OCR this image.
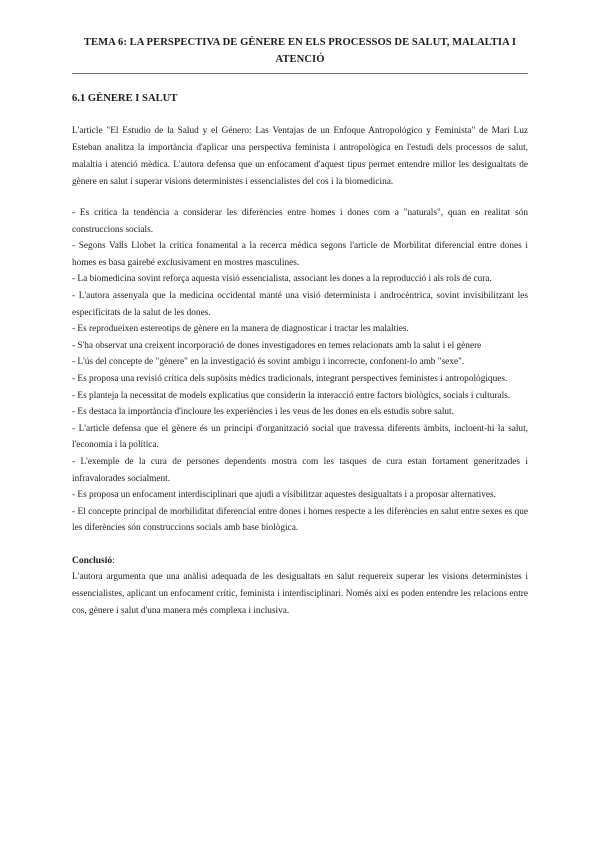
TEMA 6: LA PERSPECTIVA DE GÈNERE EN ELS PROCESSOS DE SALUT, MALALTIA I ATENCIÓ
6.1 GÈNERE I SALUT

L'article "El Estudio de la Salud y el Género: Las Ventajas de un Enfoque Antropológico y Feminista" de Mari Luz Esteban analitza la importància d'aplicar una perspectiva feminista i antropològica en l'estudi dels processos de salut, malaltia i atenció mèdica. L'autora defensa que un enfocament d'aquest tipus permet entendre millor les desigualtats de gènere en salut i superar visions deterministes i essencialistes del cos i la biomedicina.

- Es critica la tendència a considerar les diferències entre homes i dones com a "naturals", quan en realitat són construccions socials.
- Segons Valls Llobet la crítica fonamental a la recerca mèdica segons l'article de Morbilitat diferencial entre dones i homes es basa gairebé exclusivament en mostres masculines.
- La biomedicina sovint reforça aquesta visió essencialista, associant les dones a la reproducció i als rols de cura.
- L'autora assenyala que la medicina occidental manté una visió determinista i androcèntrica, sovint invisibilitzant les especificitats de la salut de les dones.
- Es reprodueixen estereotips de gènere en la manera de diagnosticar i tractar les malalties.
- S'ha observat una creixent incorporació de dones investigadores en temes relacionats amb la salut i el gènere
- L'ús del concepte de "gènere" en la investigació és sovint ambigu i incorrecte, confonent-lo amb "sexe".
- Es proposa una revisió crítica dels supòsits mèdics tradicionals, integrant perspectives feministes i antropològiques.
- Es planteja la necessitat de models explicatius que considerin la interacció entre factors biològics, socials i culturals.
- Es destaca la importància d'incloure les experiències i les veus de les dones en els estudis sobre salut.
- L'article defensa que el gènere és un principi d'organització social que travessa diferents àmbits, incloent-hi la salut, l'economia i la política.
- L'exemple de la cura de persones dependents mostra com les tasques de cura estan fortament generitzades i infravalorades socialment.
- Es proposa un enfocament interdisciplinari que ajudi a visibilitzar aquestes desigualtats i a proposar alternatives.
- El concepte principal de morbiliditat diferencial entre dones i homes respecte a les diferències en salut entre sexes es que les diferències són construccions socials amb base biològica.

Conclusió:

L'autora argumenta que una anàlisi adequada de les desigualtats en salut requereix superar les visions deterministes i essencialistes, aplicant un enfocament crític, feminista i interdisciplinari. Només així es poden entendre les relacions entre cos, gènere i salut d'una manera més complexa i inclusiva.
